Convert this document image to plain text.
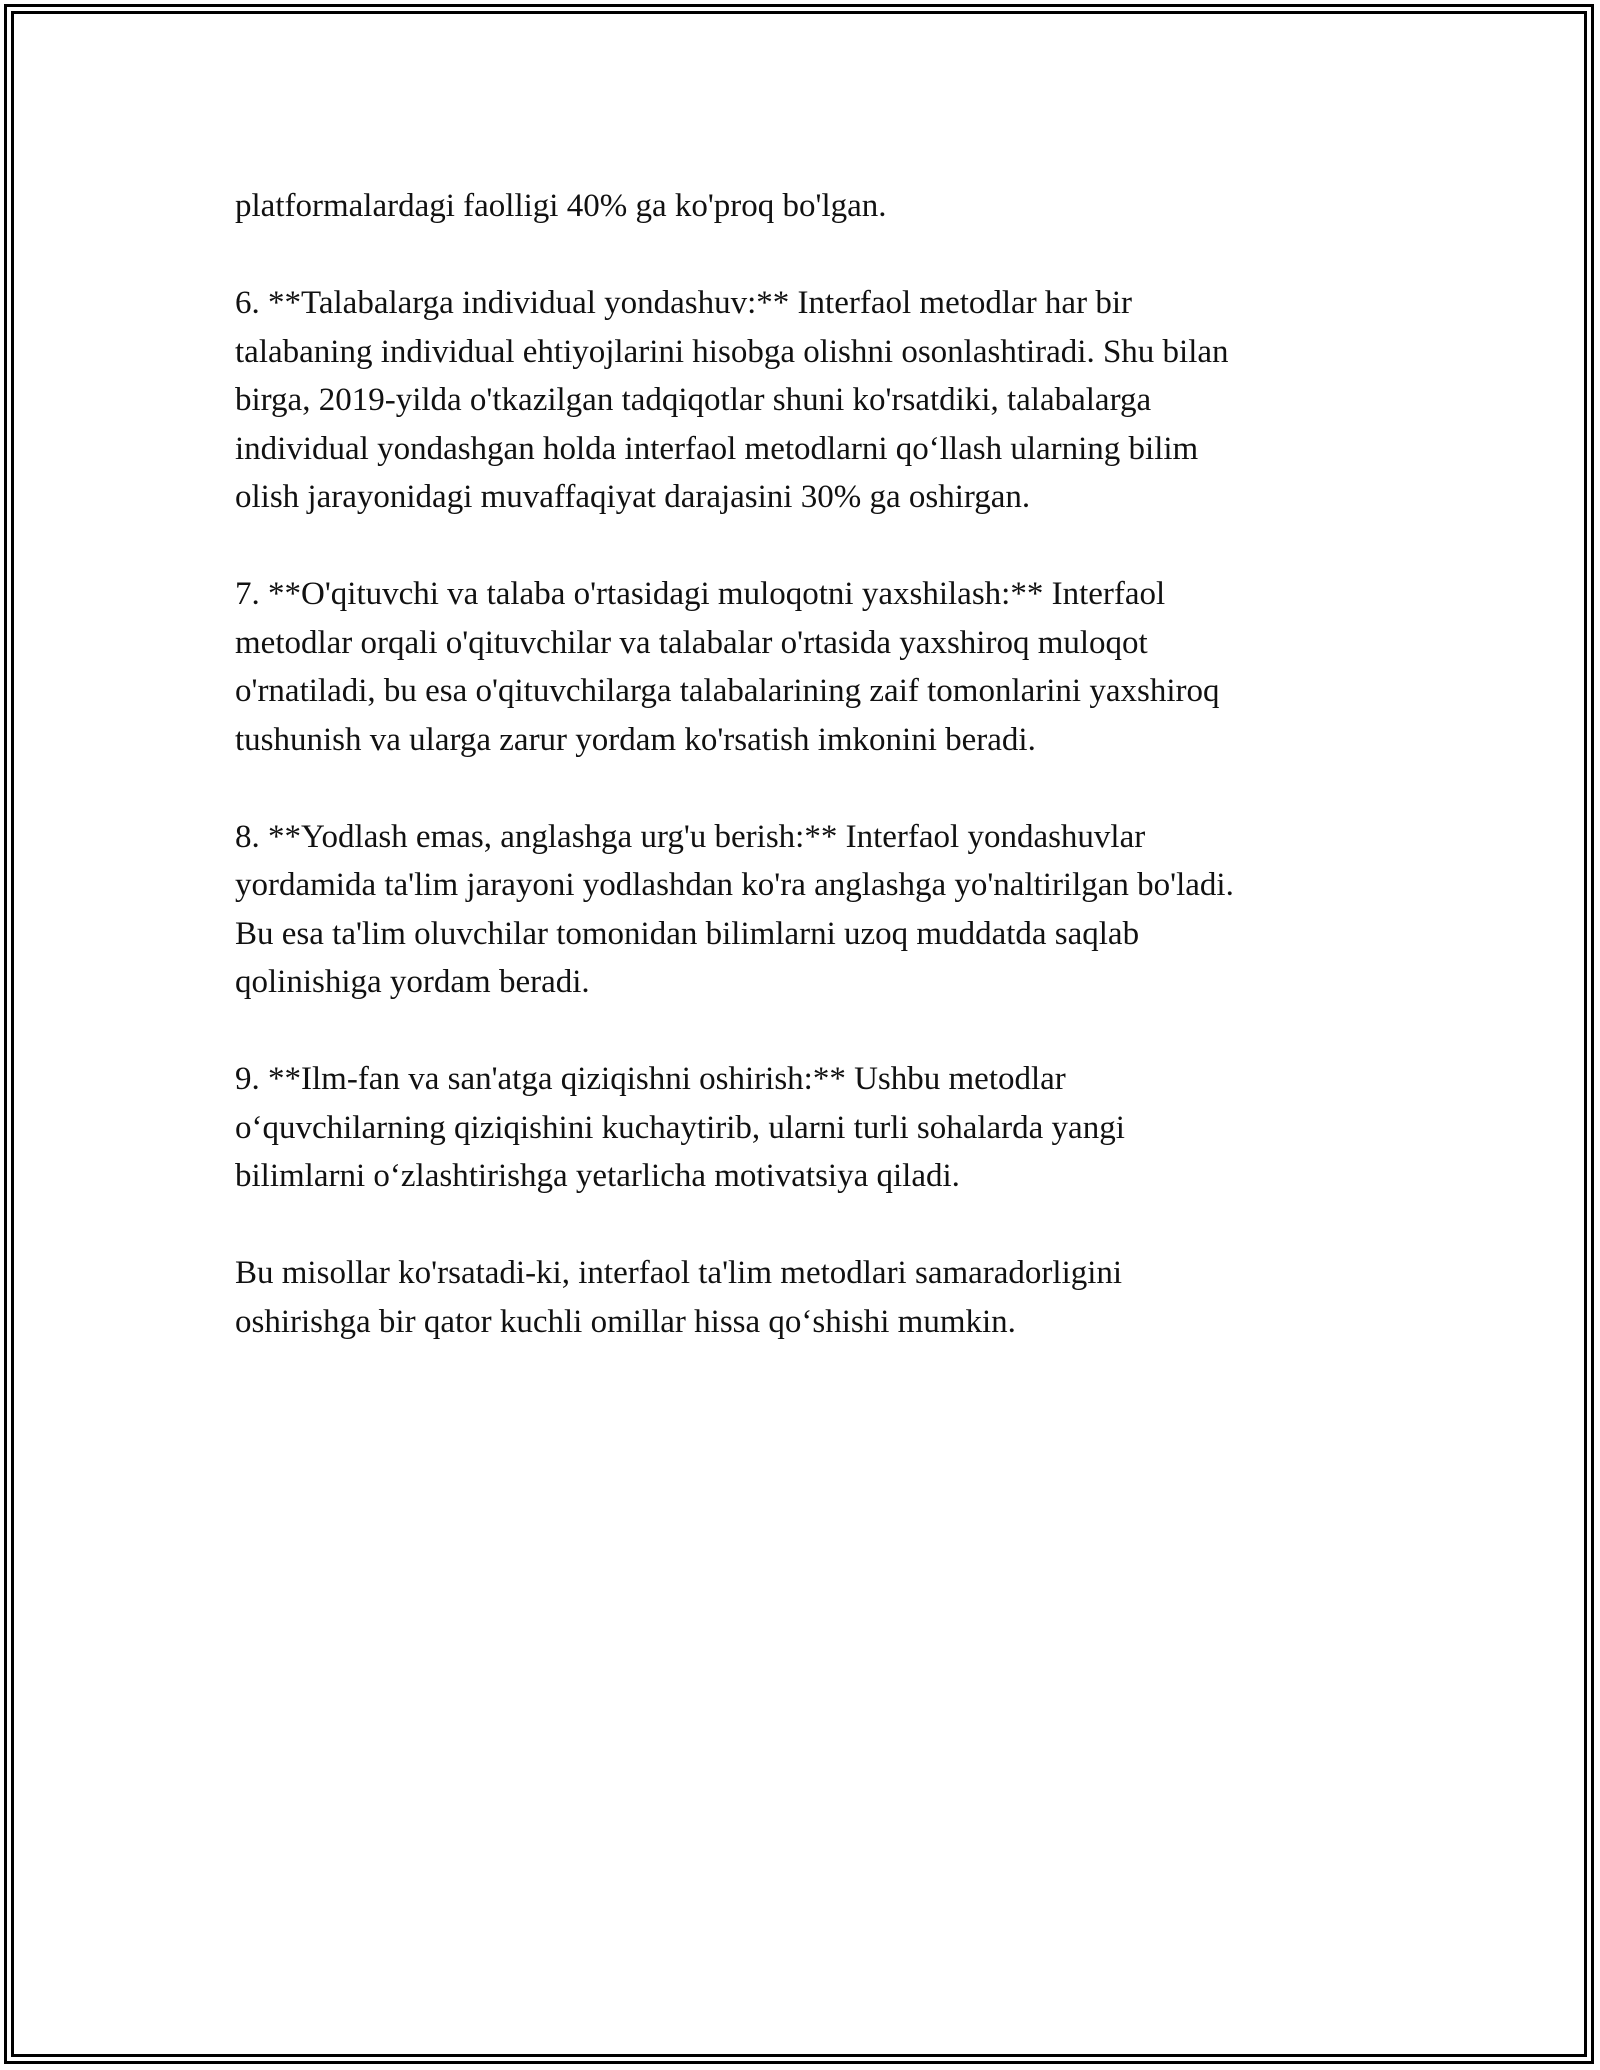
platformalardagi faolligi 40% ga ko'proq bo'lgan.

6. **Talabalarga individual yondashuv:** Interfaol metodlar har bir
talabaning individual ehtiyojlarini hisobga olishni osonlashtiradi. Shu bilan
birga, 2019-yilda o'tkazilgan tadqiqotlar shuni ko'rsatdiki, talabalarga
individual yondashgan holda interfaol metodlarni qo‘llash ularning bilim
olish jarayonidagi muvaffaqiyat darajasini 30% ga oshirgan.

7. **O'qituvchi va talaba o'rtasidagi muloqotni yaxshilash:** Interfaol
metodlar orqali o'qituvchilar va talabalar o'rtasida yaxshiroq muloqot
o'rnatiladi, bu esa o'qituvchilarga talabalarining zaif tomonlarini yaxshiroq
tushunish va ularga zarur yordam ko'rsatish imkonini beradi.

8. **Yodlash emas, anglashga urg'u berish:** Interfaol yondashuvlar
yordamida ta'lim jarayoni yodlashdan ko'ra anglashga yo'naltirilgan bo'ladi.
Bu esa ta'lim oluvchilar tomonidan bilimlarni uzoq muddatda saqlab
qolinishiga yordam beradi.

9. **Ilm-fan va san'atga qiziqishni oshirish:** Ushbu metodlar
o‘quvchilarning qiziqishini kuchaytirib, ularni turli sohalarda yangi
bilimlarni o‘zlashtirishga yetarlicha motivatsiya qiladi.

Bu misollar ko'rsatadi-ki, interfaol ta'lim metodlari samaradorligini
oshirishga bir qator kuchli omillar hissa qo‘shishi mumkin.
